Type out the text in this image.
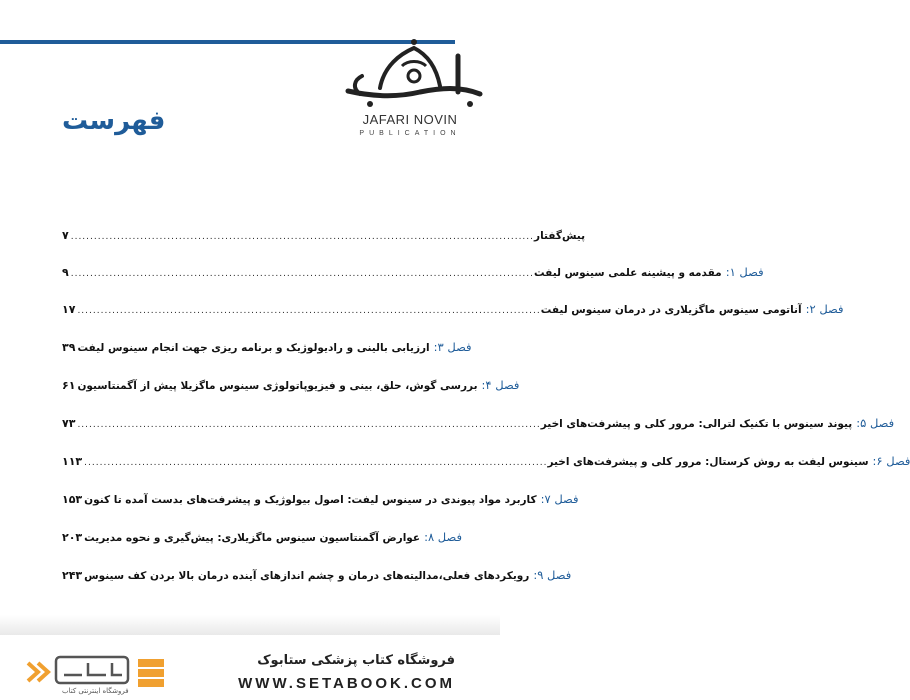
JAFARI NOVIN
PUBLICATION
فهرست
۷ ........................................................................................................................ پیش‌گفتار
۹ ........................................................................................................................	فصل ۱:مقدمه و پیشینه علمی سینوس لیفت
۱۷ ........................................................................................................................	فصل ۲:آناتومی سینوس ماگزیلاری در درمان سینوس لیفت
۳۹	فصل ۳:ارزیابی بالینی و رادیولوژیک و برنامه ریزی جهت انجام سینوس لیفت
۶۱	فصل ۴:بررسی گوش، حلق، بینی و فیزیوپاتولوژی سینوس ماگزیلا پیش از آگمنتاسیون
۷۳ ........................................................................................................................	فصل ۵:پیوند سینوس با تکنیک لترالی: مرور کلی و پیشرفت‌های اخیر
۱۱۳ ........................................................................................................................	فصل ۶:سینوس لیفت به روش کرستال: مرور کلی و پیشرفت‌های اخیر
۱۵۳	فصل ۷:کاربرد مواد پیوندی در سینوس لیفت: اصول بیولوژیک و پیشرفت‌های بدست آمده تا کنون
۲۰۳	فصل ۸:عوارض آگمنتاسیون سینوس ماگزیلاری: پیش‌گیری و نحوه مدیریت
۲۴۳	فصل ۹:رویکردهای فعلی،مدالیته‌های درمان و چشم اندازهای آینده درمان بالا بردن کف سینوس
فروشگاه اینترنتی کتاب
فروشگاه کتاب پزشکی ستابوک
WWW.SETABOOK.COM
